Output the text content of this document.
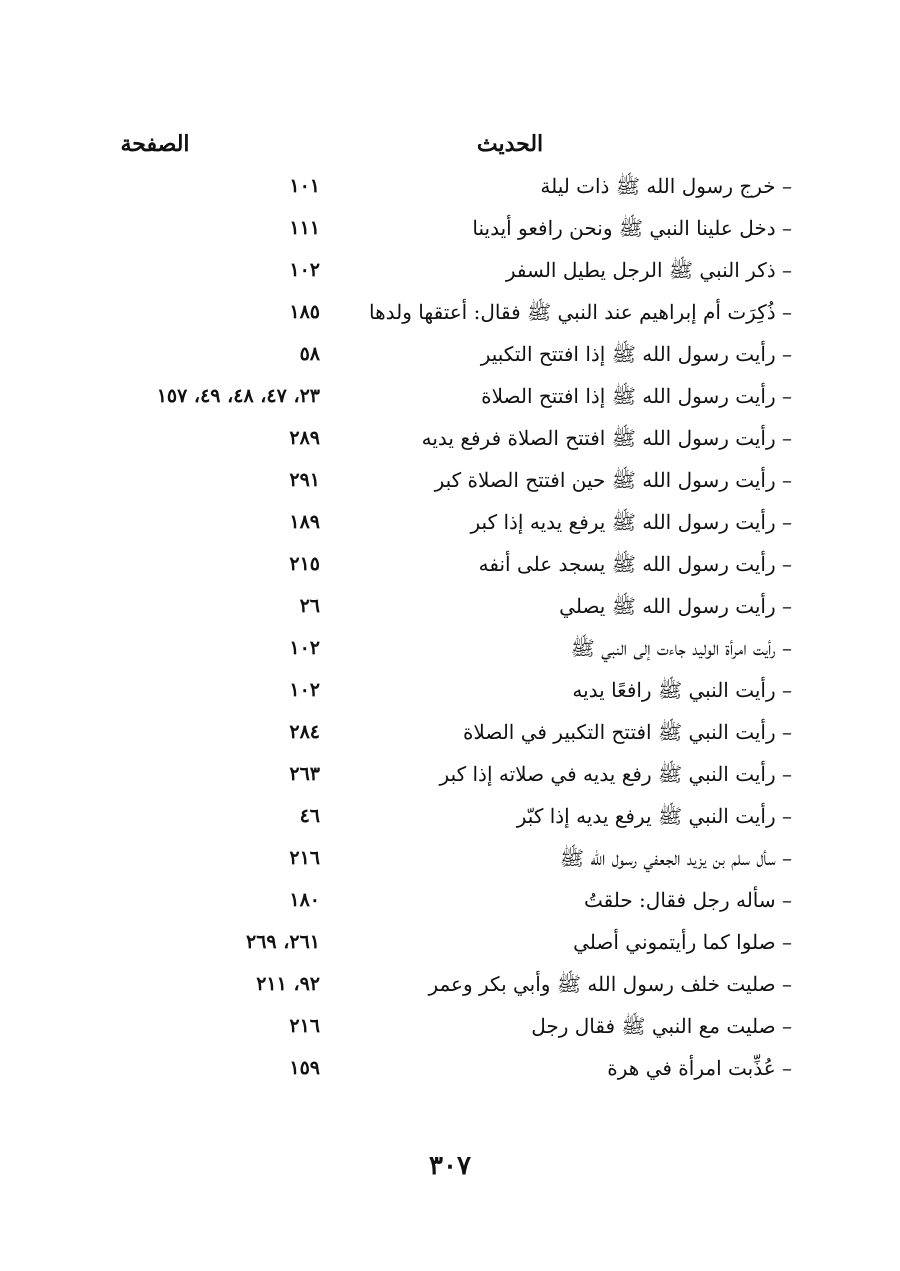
الحديث
الصفحة
– خرج رسول الله ﷺ ذات ليلة
١٠١
– دخل علينا النبي ﷺ ونحن رافعو أيدينا
١١١
– ذكر النبي ﷺ الرجل يطيل السفر
١٠٢
– ذُكِرَت أم إبراهيم عند النبي ﷺ فقال: أعتقها ولدها
١٨٥
– رأيت رسول الله ﷺ إذا افتتح التكبير
٥٨
– رأيت رسول الله ﷺ إذا افتتح الصلاة
٢٣، ٤٧، ٤٨، ٤٩، ١٥٧
– رأيت رسول الله ﷺ افتتح الصلاة فرفع يديه
٢٨٩
– رأيت رسول الله ﷺ حين افتتح الصلاة كبر
٢٩١
– رأيت رسول الله ﷺ يرفع يديه إذا كبر
١٨٩
– رأيت رسول الله ﷺ يسجد على أنفه
٢١٥
– رأيت رسول الله ﷺ يصلي
٢٦
– رأيت امرأة الوليد جاءت إلى النبي ﷺ
١٠٢
– رأيت النبي ﷺ رافعًا يديه
١٠٢
– رأيت النبي ﷺ افتتح التكبير في الصلاة
٢٨٤
– رأيت النبي ﷺ رفع يديه في صلاته إذا كبر
٢٦٣
– رأيت النبي ﷺ يرفع يديه إذا كبّر
٤٦
– سأل سلم بن يزيد الجعفي رسول الله ﷺ
٢١٦
– سأله رجل فقال: حلقتُ
١٨٠
– صلوا كما رأيتموني أصلي
٢٦١، ٢٦٩
– صليت خلف رسول الله ﷺ وأبي بكر وعمر
٩٢، ٢١١
– صليت مع النبي ﷺ فقال رجل
٢١٦
– عُذِّبت امرأة في هرة
١٥٩
٣٠٧
